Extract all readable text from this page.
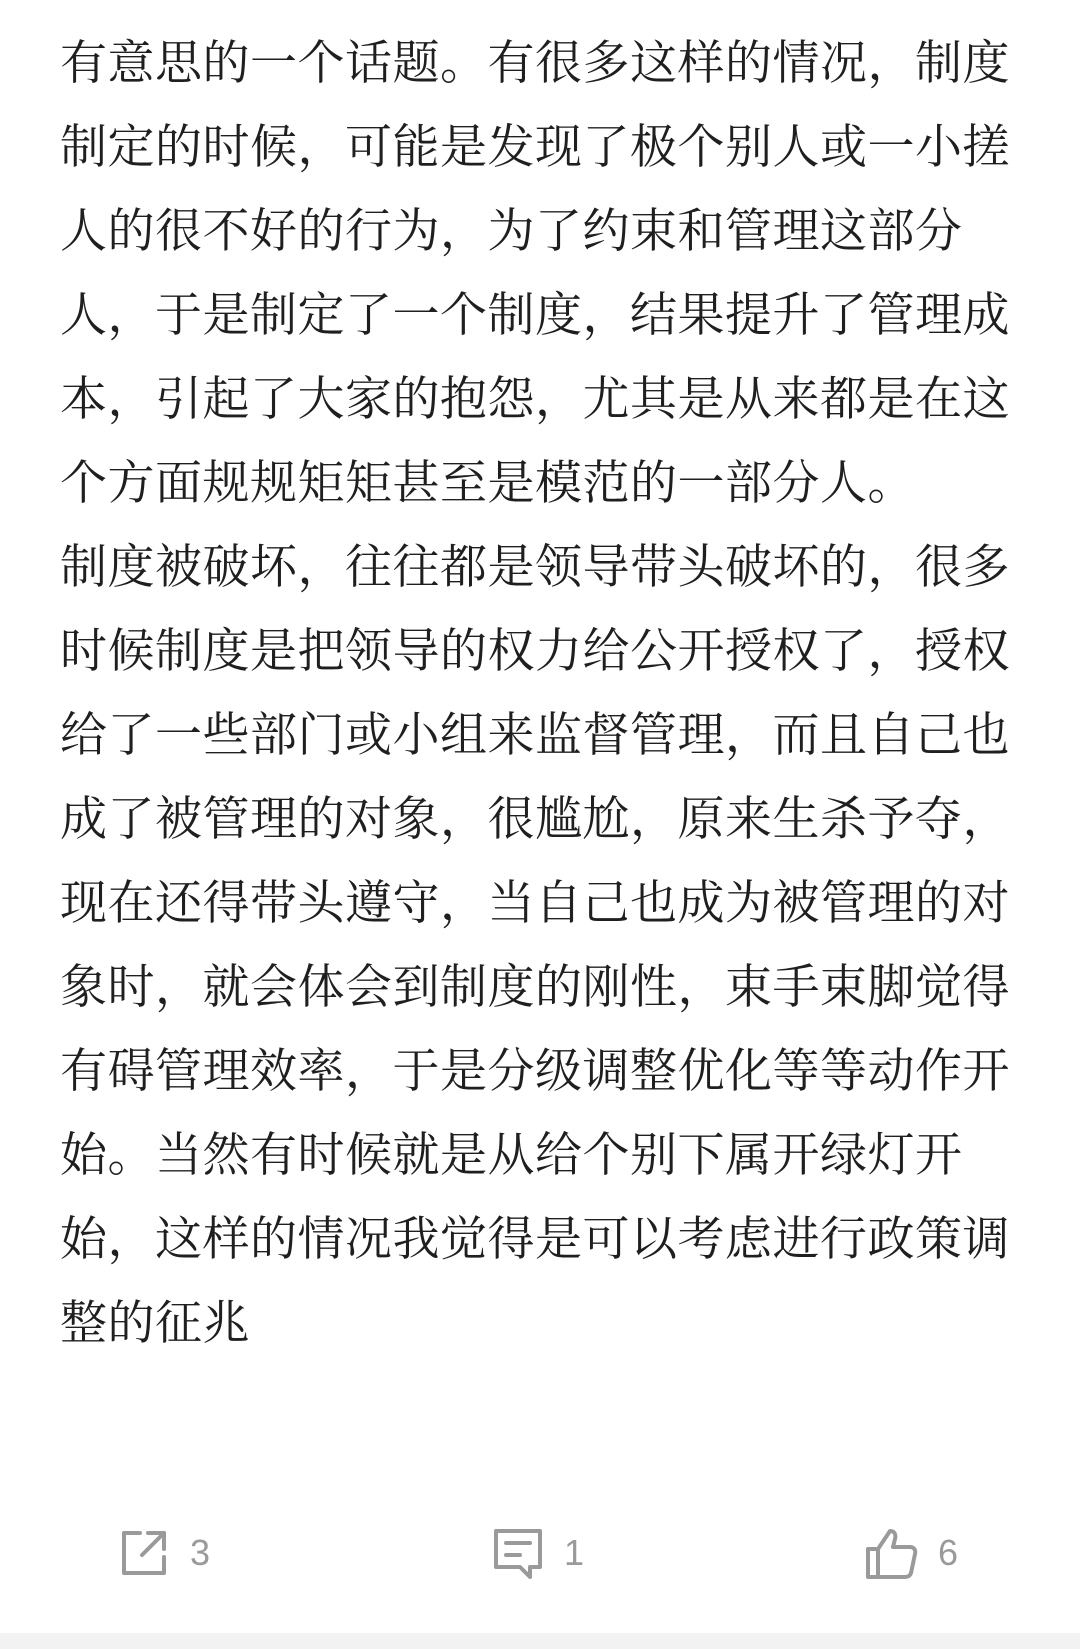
有意思的一个话题。有很多这样的情况，制度制定的时候，可能是发现了极个别人或一小搓人的很不好的行为，为了约束和管理这部分人，于是制定了一个制度，结果提升了管理成本，引起了大家的抱怨，尤其是从来都是在这个方面规规矩矩甚至是模范的一部分人。

制度被破坏，往往都是领导带头破坏的，很多时候制度是把领导的权力给公开授权了，授权给了一些部门或小组来监督管理，而且自己也成了被管理的对象，很尴尬，原来生杀予夺，现在还得带头遵守，当自己也成为被管理的对象时，就会体会到制度的刚性，束手束脚觉得有碍管理效率，于是分级调整优化等等动作开始。当然有时候就是从给个别下属开绿灯开始，这样的情况我觉得是可以考虑进行政策调整的征兆

3	1	6
